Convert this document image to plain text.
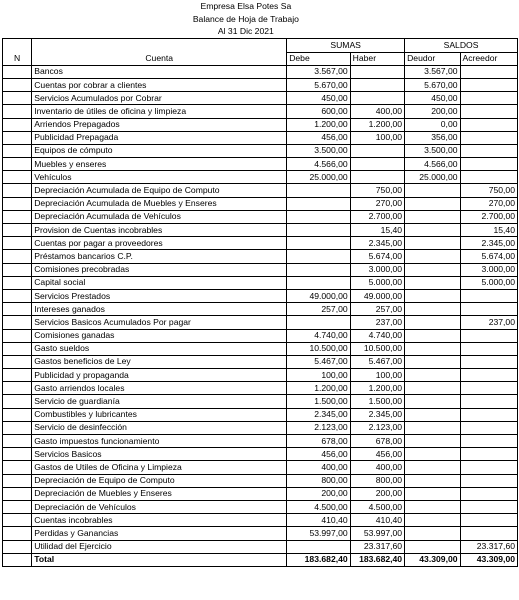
	Empresa Elsa Potes Sa				
	Balance de Hoja de Trabajo				
	Al 31 Dic 2021				
		SUMAS		SALDOS	
N	Cuenta	Debe	Haber	Deudor	Acreedor
	Bancos	3.567,00		3.567,00	
	Cuentas por cobrar a clientes	5.670,00		5.670,00	
	Servicios Acumulados por Cobrar	450,00		450,00	
	Inventario de útiles de oficina y limpieza	600,00	400,00	200,00	
	Arriendos Prepagados	1.200,00	1.200,00	0,00	
	Publicidad Prepagada	456,00	100,00	356,00	
	Equipos de cómputo	3.500,00		3.500,00	
	Muebles y enseres	4.566,00		4.566,00	
	Vehículos	25.000,00		25.000,00	
	Depreciación Acumulada de Equipo de Computo		750,00		750,00
	Depreciación Acumulada de Muebles y Enseres		270,00		270,00
	Depreciación Acumulada de Vehículos		2.700,00		2.700,00
	Provision de Cuentas incobrables		15,40		15,40
	Cuentas por pagar a proveedores		2.345,00		2.345,00
	Préstamos bancarios C.P.		5.674,00		5.674,00
	Comisiones precobradas		3.000,00		3.000,00
	Capital social		5.000,00		5.000,00
	Servicios Prestados	49.000,00	49.000,00		
	Intereses ganados	257,00	257,00		
	Servicios Basicos Acumulados Por pagar		237,00		237,00
	Comisiones ganadas	4.740,00	4.740,00		
	Gasto sueldos	10.500,00	10.500,00		
	Gastos beneficios de Ley	5.467,00	5.467,00		
	Publicidad y propaganda	100,00	100,00		
	Gasto arriendos locales	1.200,00	1.200,00		
	Servicio de guardianía	1.500,00	1.500,00		
	Combustibles y lubricantes	2.345,00	2.345,00		
	Servicio de desinfección	2.123,00	2.123,00		
	Gasto impuestos funcionamiento	678,00	678,00		
	Servicios Basicos	456,00	456,00		
	Gastos de Utiles de Oficina y Limpieza	400,00	400,00		
	Depreciación de Equipo de Computo	800,00	800,00		
	Depreciación de Muebles y Enseres	200,00	200,00		
	Depreciación de Vehículos	4.500,00	4.500,00		
	Cuentas incobrables	410,40	410,40		
	Perdidas y Ganancias	53.997,00	53.997,00		
	Utilidad del Ejercicio		23.317,60		23.317,60
	Total	183.682,40	183.682,40	43.309,00	43.309,00
